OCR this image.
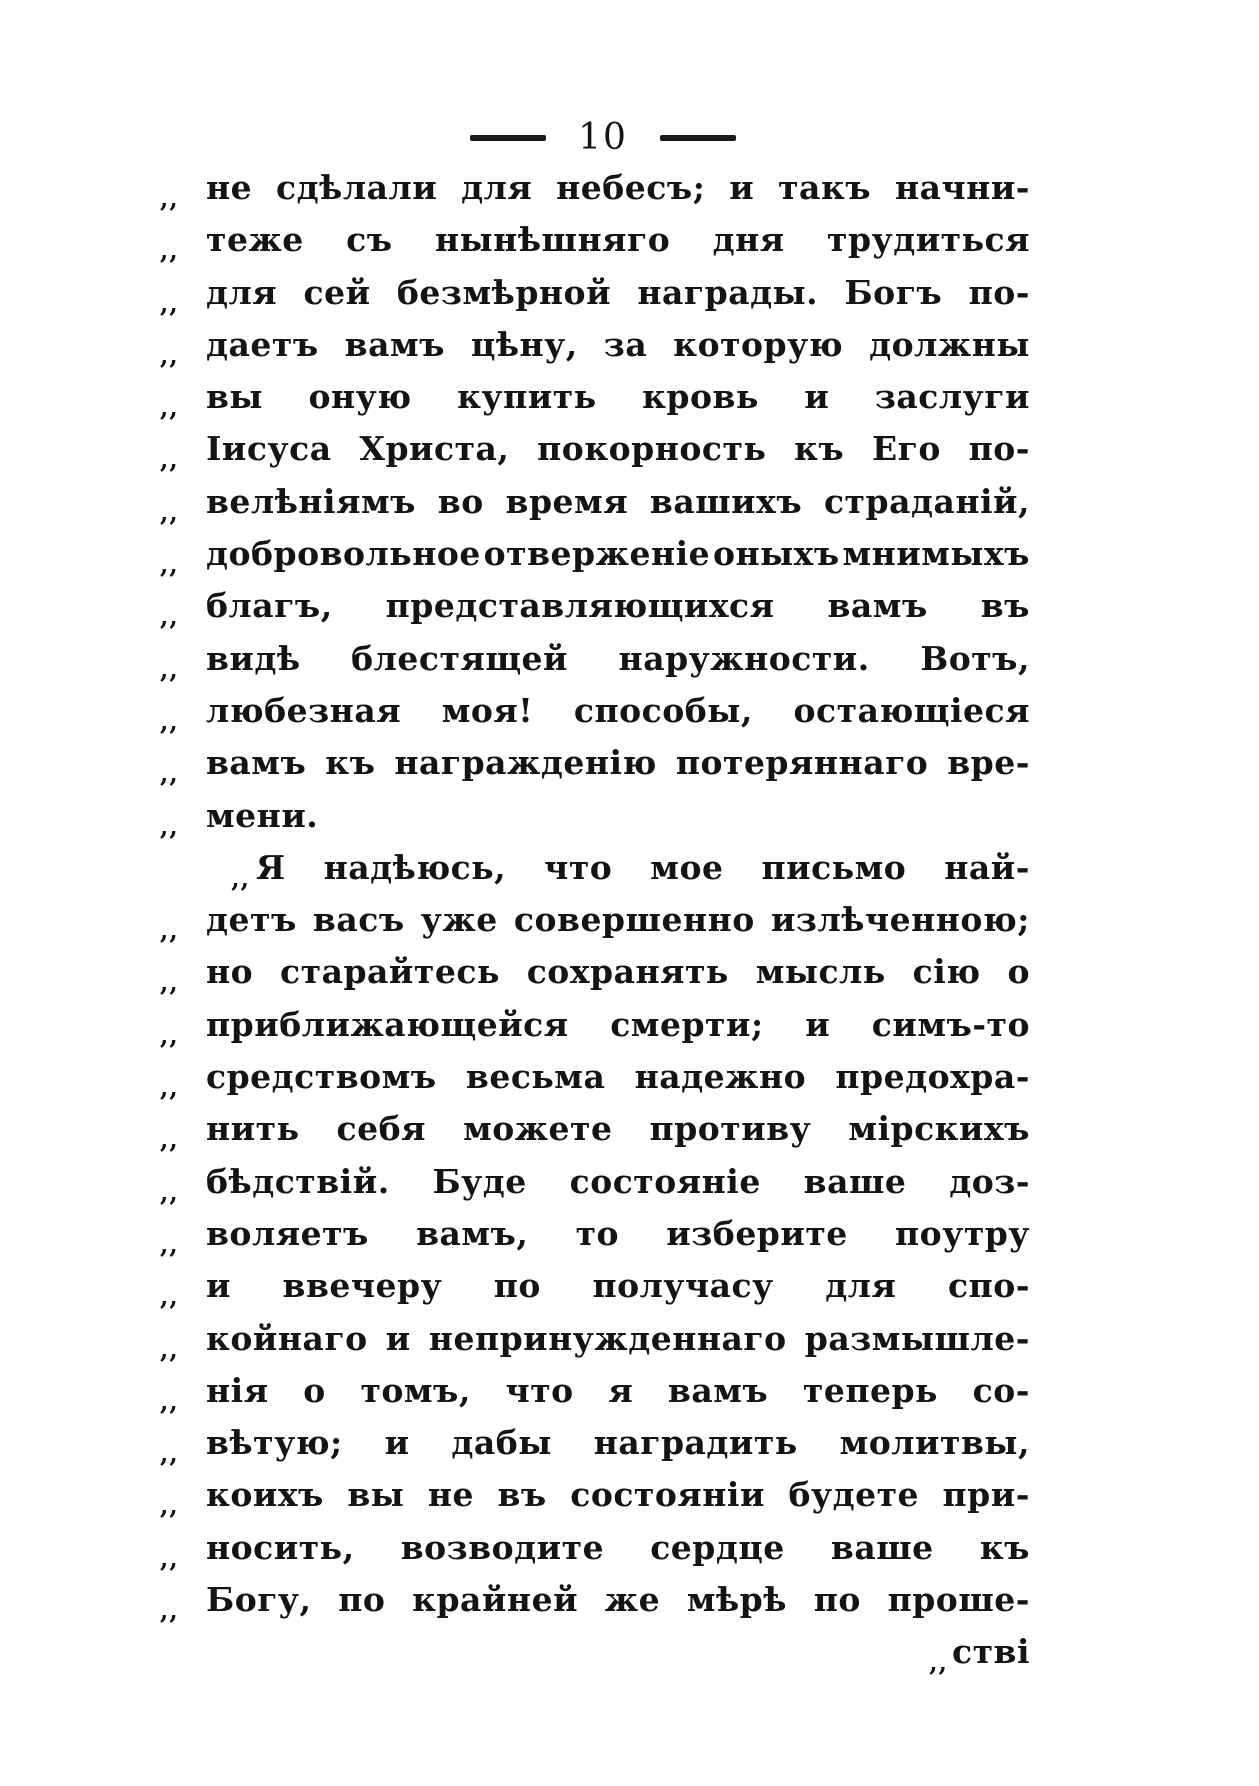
10
,, не сдѣлали для небесъ; и такъ начни-
,, теже съ нынѣшняго дня трудиться
,, для сей безмѣрной награды. Богъ по-
,, даетъ вамъ цѣну, за которую должны
,, вы оную купить кровь и заслуги
,, Іисуса Христа, покорность къ Его по-
,, велѣніямъ во время вашихъ страданій,
,, добровольное отверженіе оныхъ мнимыхъ
,, благъ, представляющихся вамъ въ
,, видѣ блестящей наружности. Вотъ,
,, любезная моя! способы, остающіеся
,, вамъ къ награжденію потеряннаго вре-
,, мени.
,, Я надѣюсь, что мое письмо най-
,, детъ васъ уже совершенно излѣченною;
,, но старайтесь сохранять мысль сію о
,, приближающейся смерти; и симъ-то
,, средствомъ весьма надежно предохра-
,, нить себя можете противу мірскихъ
,, бѣдствій. Буде состояніе ваше доз-
,, воляетъ вамъ, то изберите поутру
,, и ввечеру по получасу для спо-
,, койнаго и непринужденнаго размышле-
,, нія о томъ, что я вамъ теперь со-
,, вѣтую; и дабы наградить молитвы,
,, коихъ вы не въ состояніи будете при-
,, носить, возводите сердце ваше къ
,, Богу, по крайней же мѣрѣ по проше-
,, стві
